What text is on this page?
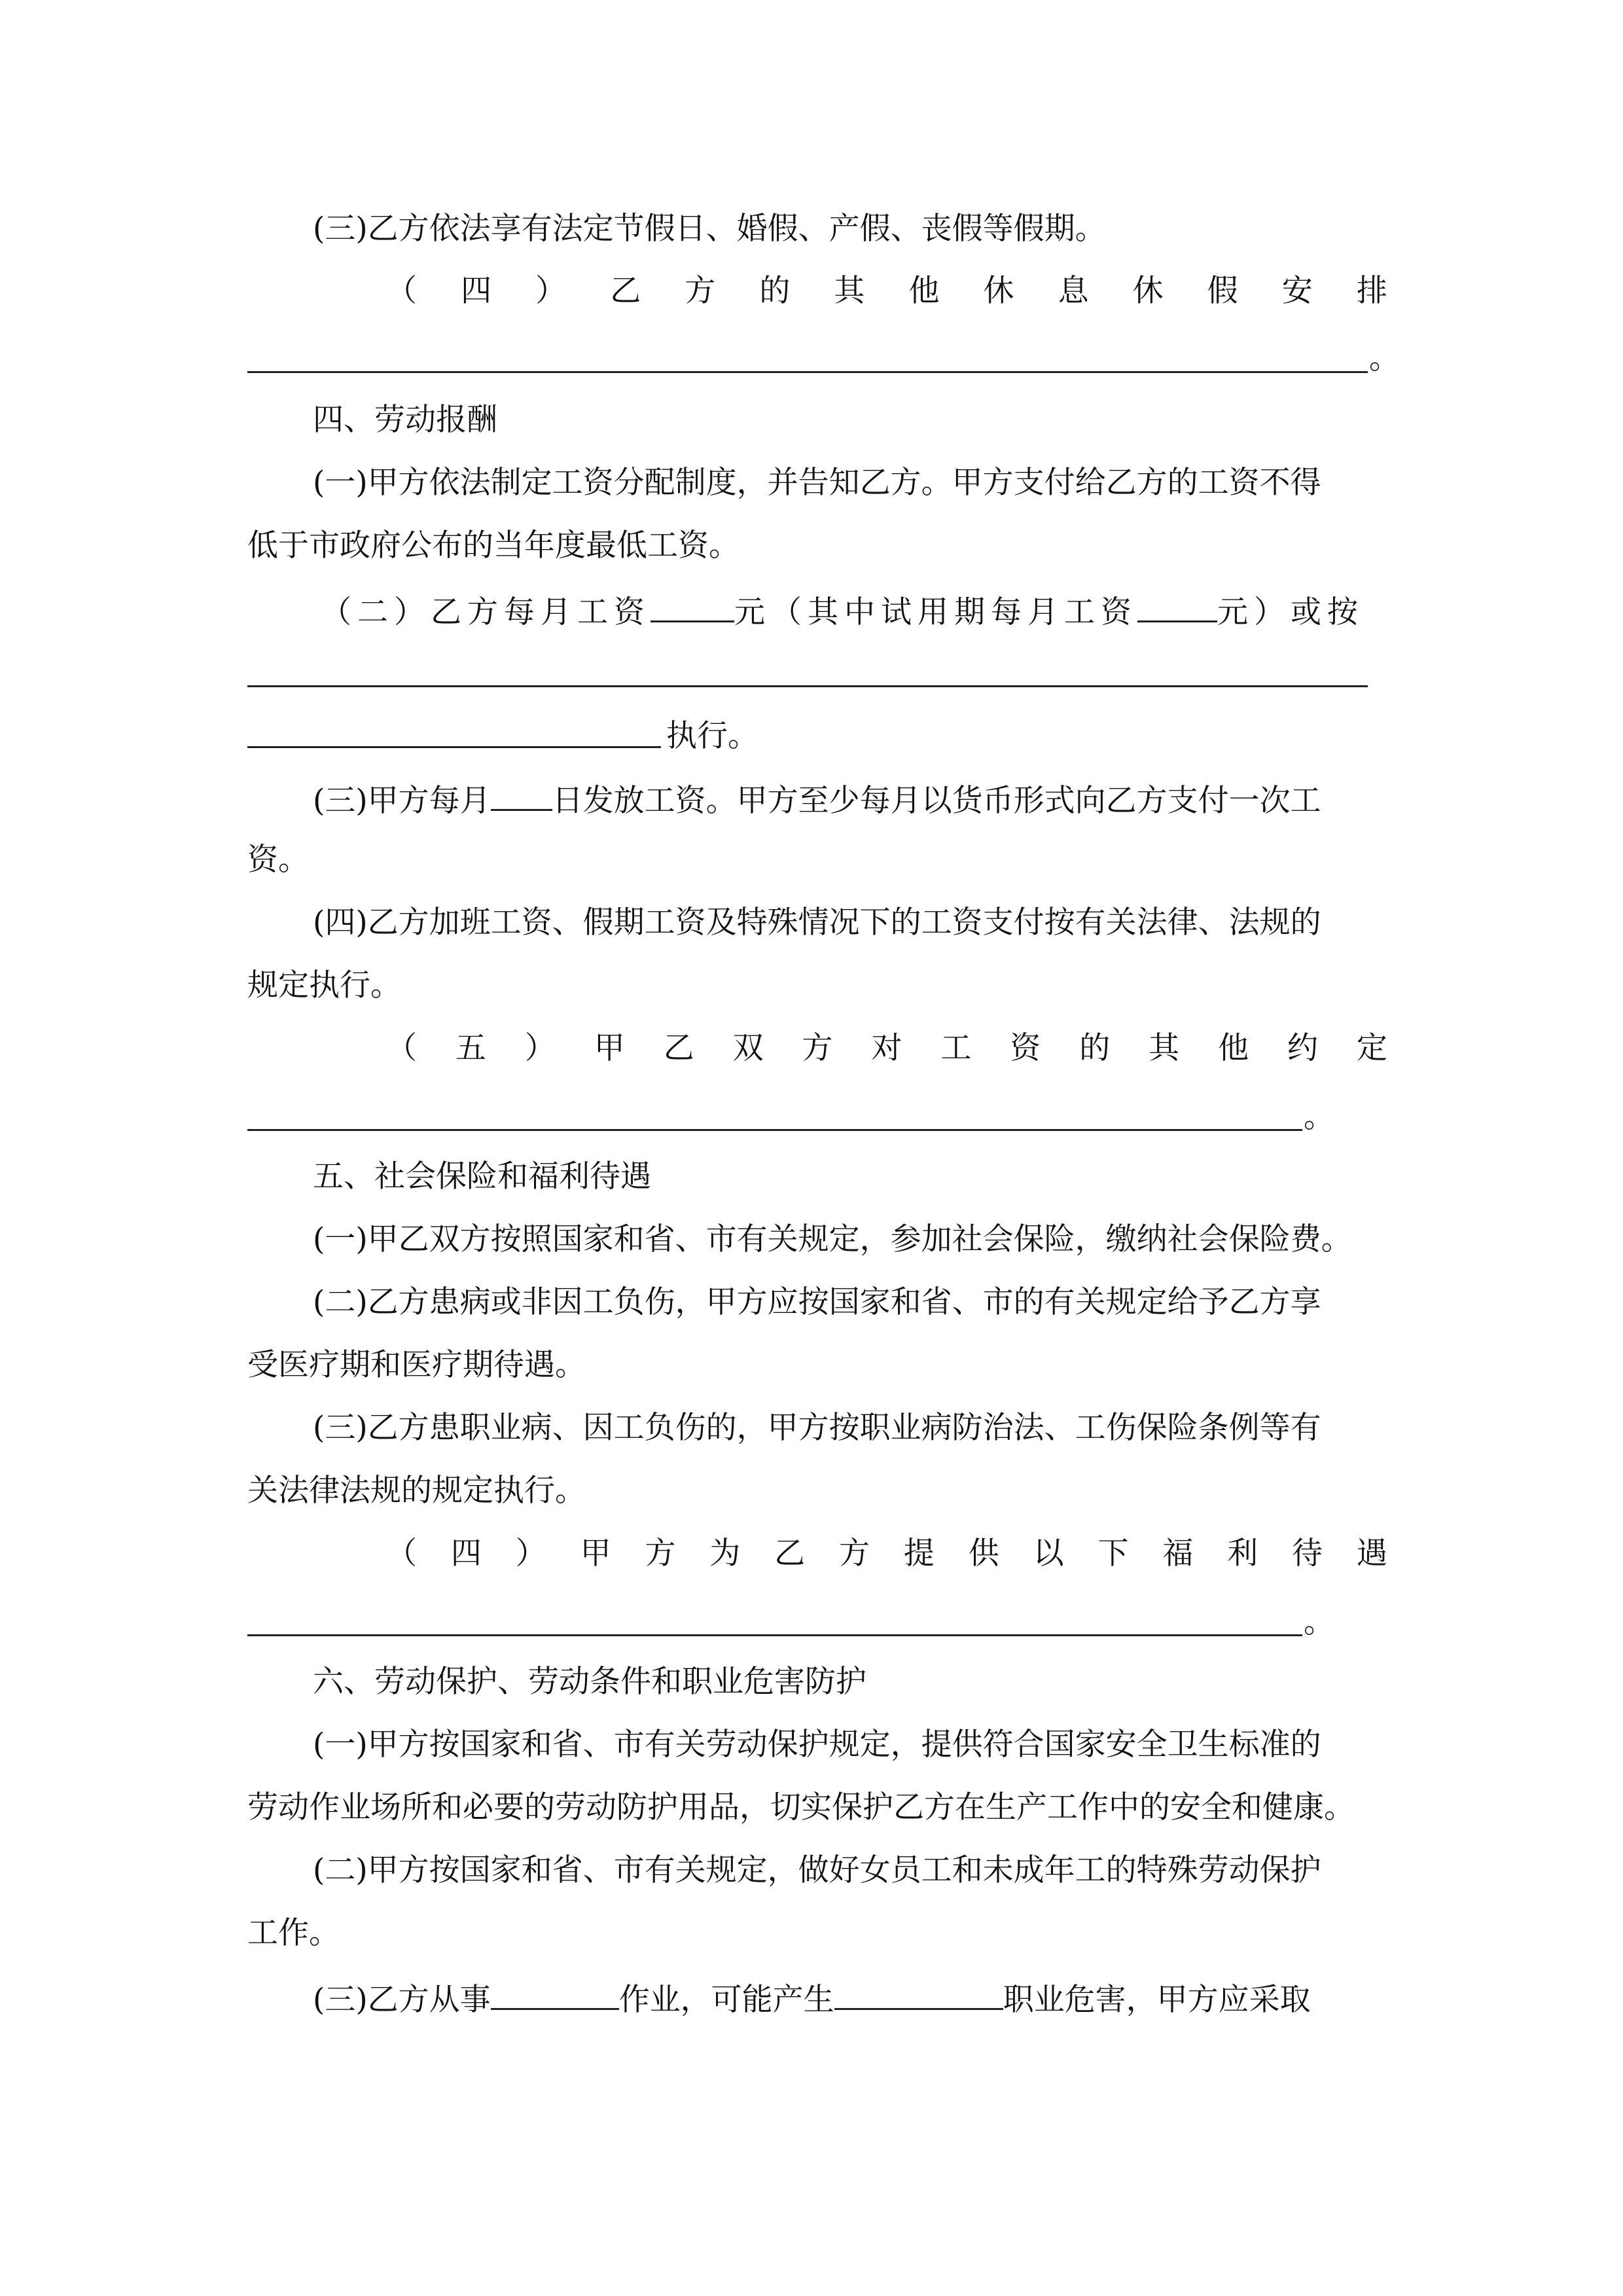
(三)乙方依法享有法定节假日、婚假、产假、丧假等假期。
（ 四 ） 乙 方 的 其 他 休 息 休 假 安 排
。
四、劳动报酬
(一)甲方依法制定工资分配制度，并告知乙方。甲方支付给乙方的工资不得
低于市政府公布的当年度最低工资。
（二）乙方每月工资	元（其中试用期每月工资	元）或按
执行。
(三)甲方每月 日发放工资。甲方至少每月以货币形式向乙方支付一次工
资。
(四)乙方加班工资、假期工资及特殊情况下的工资支付按有关法律、法规的
规定执行。
（ 五 ） 甲 乙 双 方 对 工 资 的 其 他 约 定
。
五、社会保险和福利待遇
(一)甲乙双方按照国家和省、市有关规定，参加社会保险，缴纳社会保险费。
(二)乙方患病或非因工负伤，甲方应按国家和省、市的有关规定给予乙方享
受医疗期和医疗期待遇。
(三)乙方患职业病、因工负伤的，甲方按职业病防治法、工伤保险条例等有
关法律法规的规定执行。
（ 四 ） 甲 方 为 乙 方 提 供 以 下 福 利 待 遇
。
六、劳动保护、劳动条件和职业危害防护
(一)甲方按国家和省、市有关劳动保护规定，提供符合国家安全卫生标准的
劳动作业场所和必要的劳动防护用品，切实保护乙方在生产工作中的安全和健康。
(二)甲方按国家和省、市有关规定，做好女员工和未成年工的特殊劳动保护
工作。
(三)乙方从事	作业，可能产生	职业危害，甲方应采取
